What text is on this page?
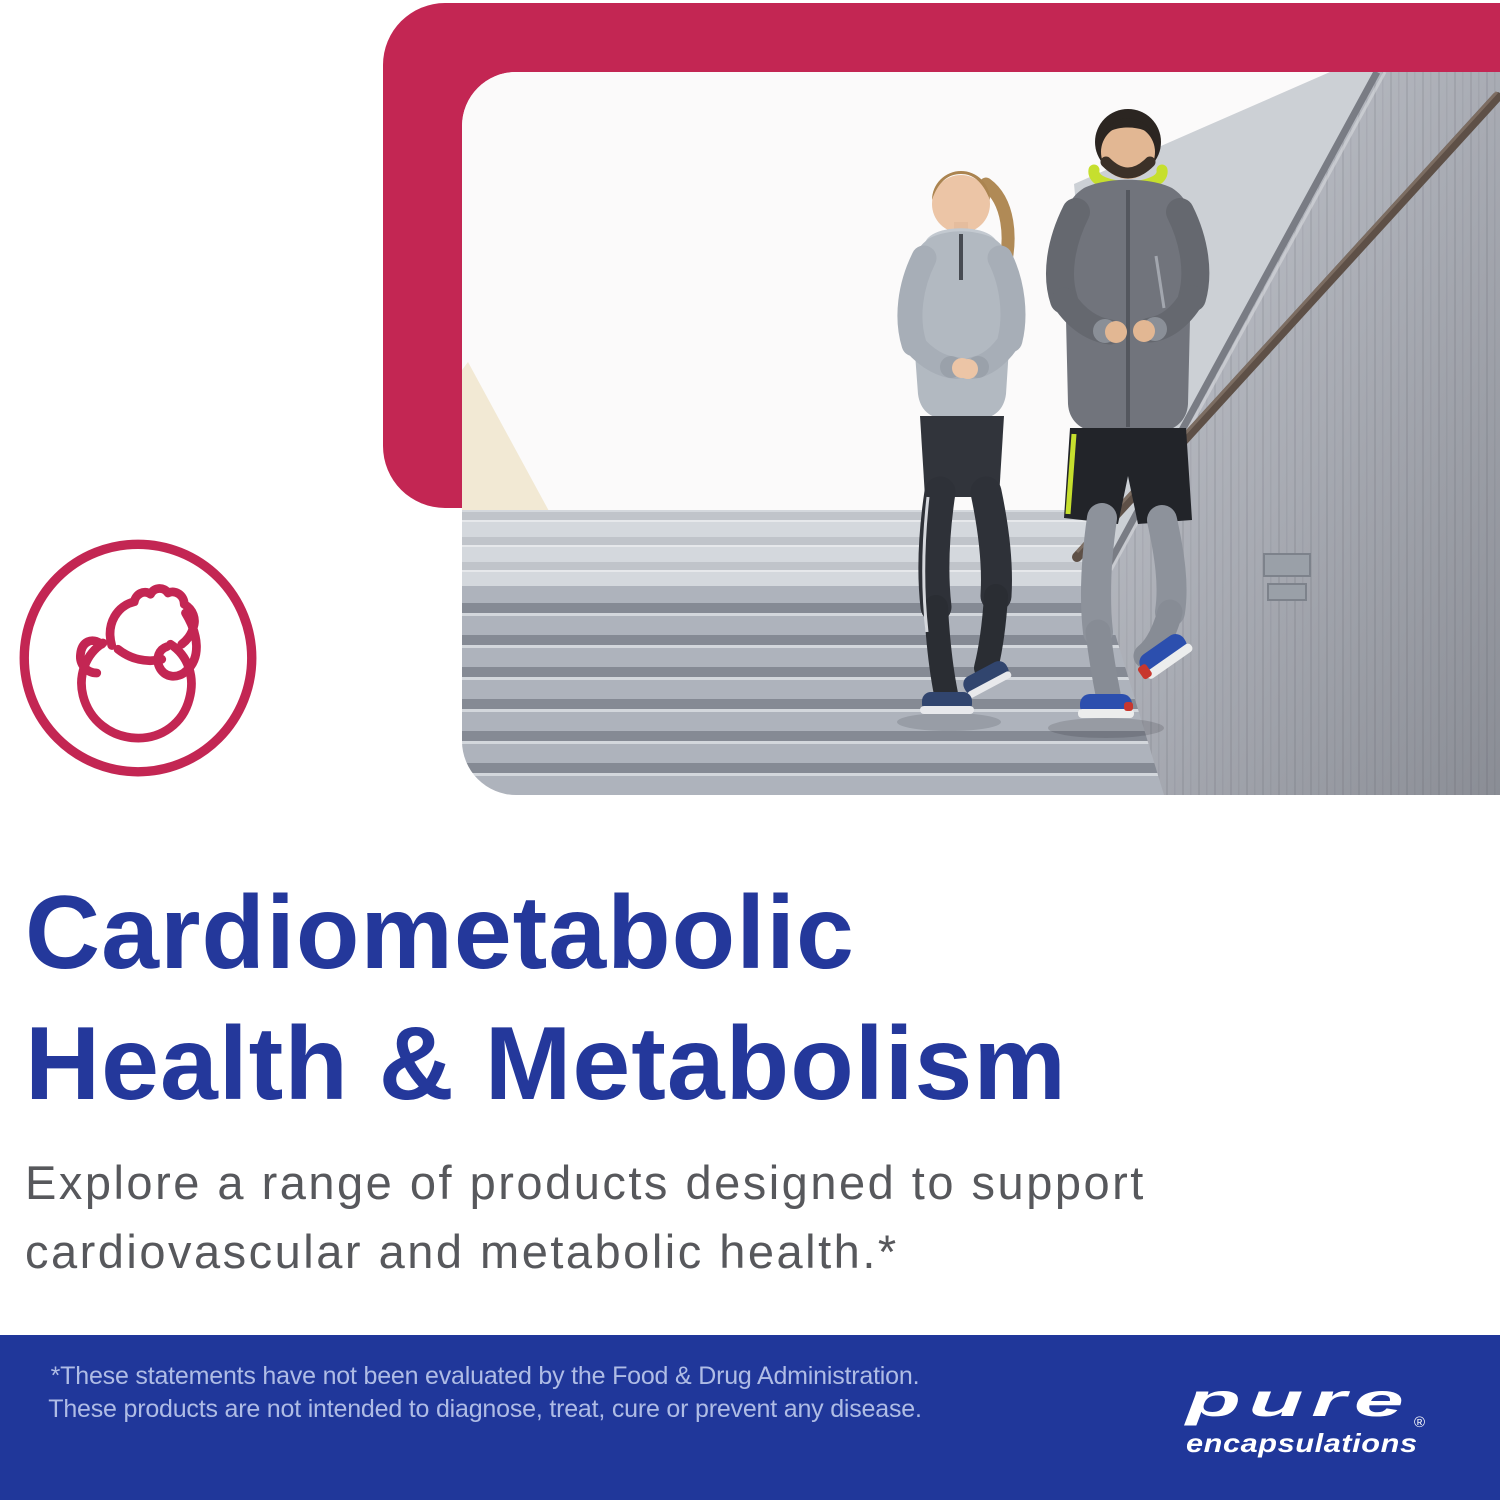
Cardiometabolic
Health & Metabolism

Explore a range of products designed to support
cardiovascular and metabolic health.*

*These statements have not been evaluated by the Food & Drug Administration.
These products are not intended to diagnose, treat, cure or prevent any disease.	pure
encapsulations
®
